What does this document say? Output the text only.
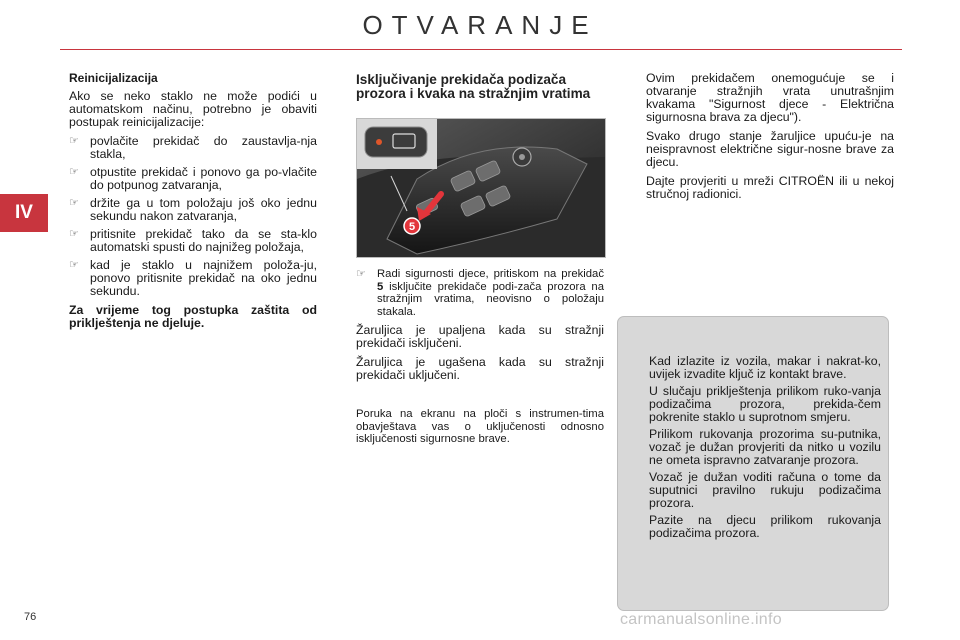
OTVARANJE
IV
Reinicijalizacija

Ako se neko staklo ne može podići u automatskom načinu, potrebno je obaviti postupak reinicijalizacije:

☞ povlačite prekidač do zaustavlja-nja stakla,
☞ otpustite prekidač i ponovo ga po-vlačite do potpunog zatvaranja,
☞ držite ga u tom položaju još oko jednu sekundu nakon zatvaranja,
☞ pritisnite prekidač tako da se sta-klo automatski spusti do najnižeg položaja,
☞ kad je staklo u najnižem položa-ju, ponovo pritisnite prekidač na oko jednu sekundu.

Za vrijeme tog postupka zaštita od priklještenja ne djeluje.

Isključivanje prekidača podizača prozora i kvaka na stražnjim vratima
5
☞ Radi sigurnosti djece, pritiskom na prekidač 5 isključite prekidače podi-zača prozora na stražnjim vratima, neovisno o položaju stakala.

Žaruljica je upaljena kada su stražnji prekidači isključeni.

Žaruljica je ugašena kada su stražnji prekidači uključeni.

Poruka na ekranu na ploči s instrumen-tima obavještava vas o uključenosti odnosno isključenosti sigurnosne brave.

Ovim prekidačem onemogućuje se i otvaranje stražnjih vrata unutrašnjim kvakama "Sigurnost djece - Električna sigurnosna brava za djecu").

Svako drugo stanje žaruljice upuću-je na neispravnost električne sigur-nosne brave za djecu.

Dajte provjeriti u mreži CITROËN ili u nekoj stručnoj radionici.

Kad izlazite iz vozila, makar i nakrat-ko, uvijek izvadite ključ iz kontakt brave.

U slučaju priklještenja prilikom ruko-vanja podizačima prozora, prekida-čem pokrenite staklo u suprotnom smjeru.

Prilikom rukovanja prozorima su-putnika, vozač je dužan provjeriti da nitko u vozilu ne ometa ispravno zatvaranje prozora.

Vozač je dužan voditi računa o tome da suputnici pravilno rukuju podizačima prozora.

Pazite na djecu prilikom rukovanja podizačima prozora.

76	carmanualsonline.info
